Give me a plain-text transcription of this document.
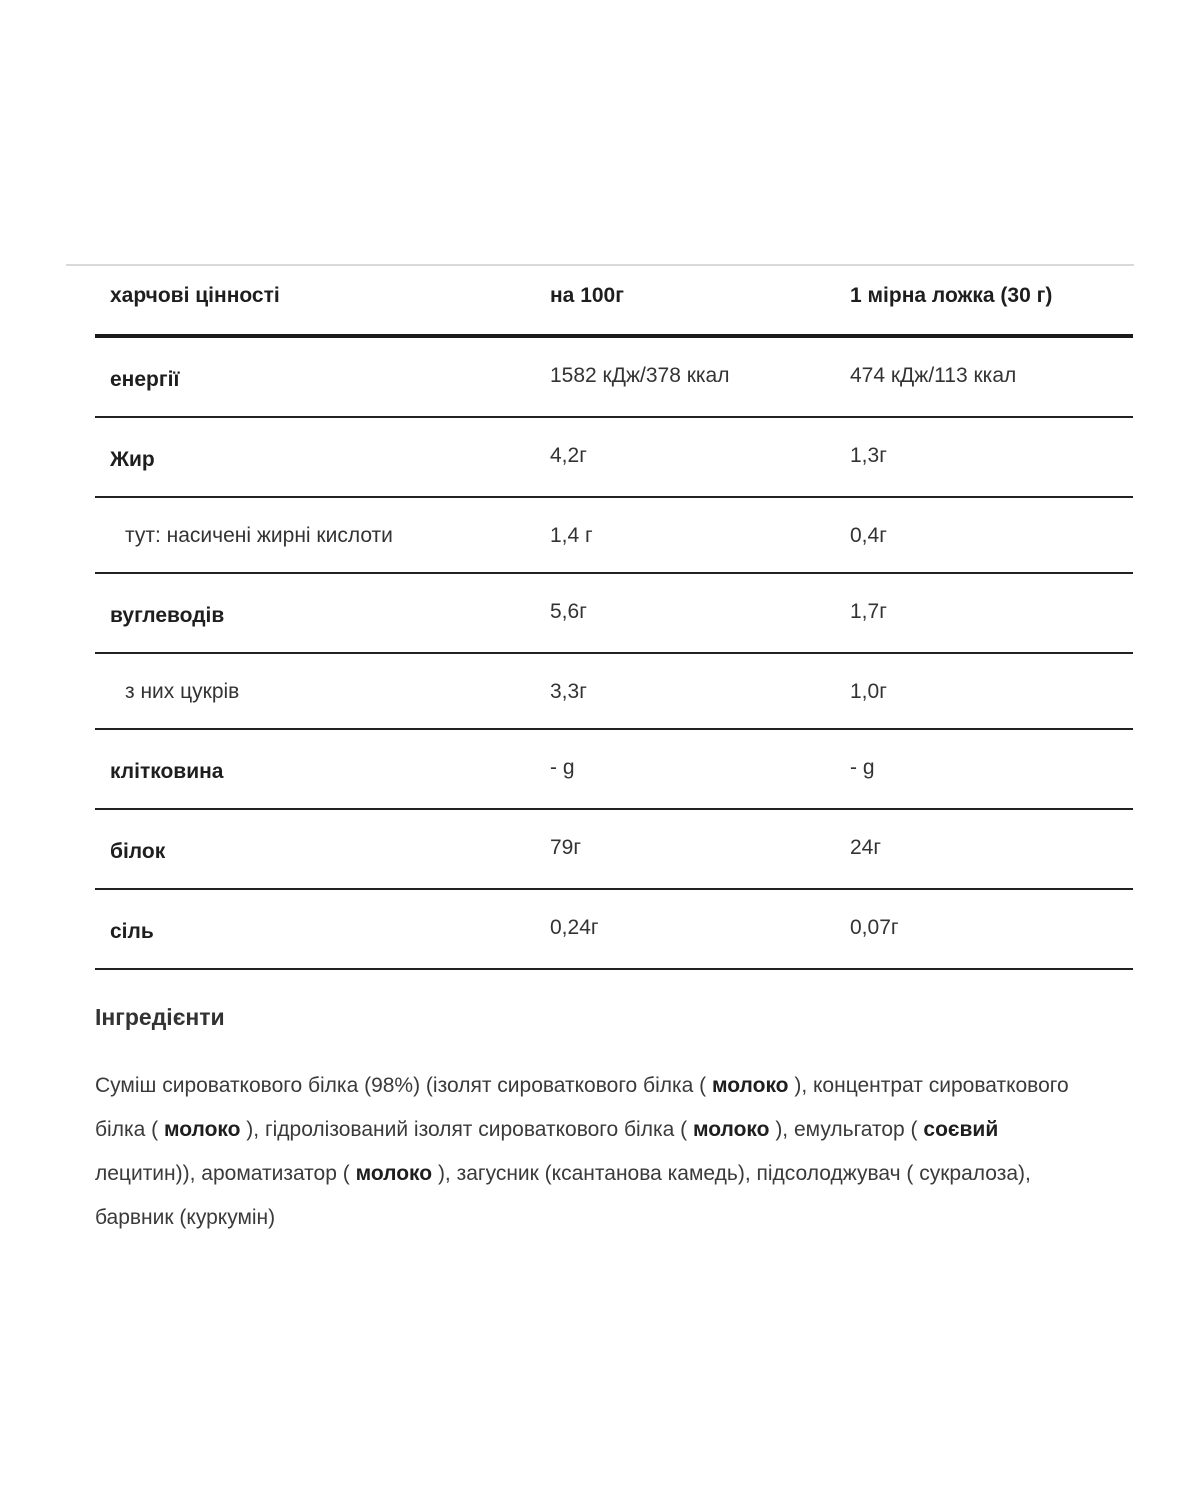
харчові цінності	на 100г	1 мірна ложка (30 г)
енергії	1582 кДж/378 ккал	474 кДж/113 ккал
Жир	4,2г	1,3г
тут: насичені жирні кислоти	1,4 г	0,4г
вуглеводів	5,6г	1,7г
з них цукрів	3,3г	1,0г
клітковина	- g	- g
білок	79г	24г
сіль	0,24г	0,07г
Інгредієнти

Суміш сироваткового білка (98%) (ізолят сироваткового білка ( молоко ), концентрат сироваткового білка ( молоко ), гідролізований ізолят сироваткового білка ( молоко ), емульгатор ( соєвий лецитин)), ароматизатор ( молоко ), загусник (ксантанова камедь), підсолоджувач ( сукралоза), барвник (куркумін)
